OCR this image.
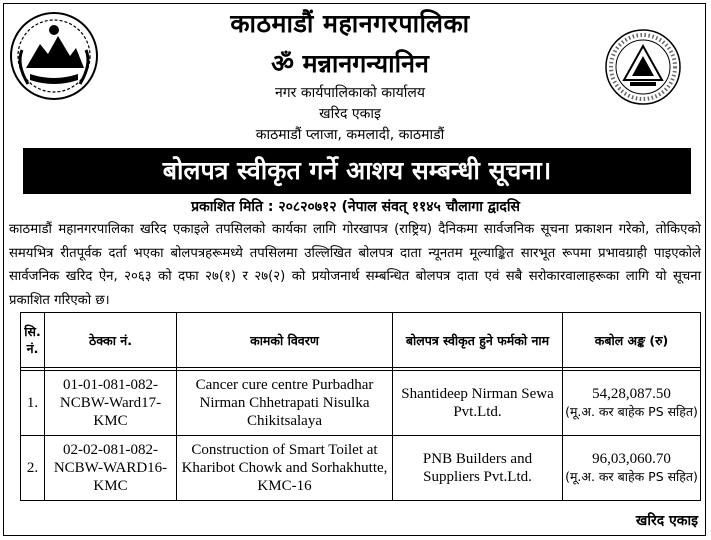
काठमाडौं महानगरपालिका
ॐ मन्नानगन्यानिन
नगर कार्यपालिकाको कार्यालय
खरिद एकाइ
काठमाडौं प्लाजा, कमलादी, काठमाडौं
बोलपत्र स्वीकृत गर्ने आशय सम्बन्धी सूचना।
प्रकाशित मिति : २०८२०७१२ (नेपाल संवत् ११४५ चौलागा द्वादसि
काठमाडौं महानगरपालिका खरिद एकाइले तपसिलको कार्यका लागि गोरखापत्र (राष्ट्रिय) दैनिकमा सार्वजनिक सूचना प्रकाशन गरेको, तोकिएको समयभित्र रीतपूर्वक दर्ता भएका बोलपत्रहरूमध्ये तपसिलमा उल्लिखित बोलपत्र दाता न्यूनतम मूल्याङ्कित सारभूत रूपमा प्रभावग्राही पाइएकोले सार्वजनिक खरिद ऐन, २०६३ को दफा २७(१) र २७(२) को प्रयोजनार्थ सम्बन्धित बोलपत्र दाता एवं सबै सरोकारवालाहरूका लागि यो सूचना प्रकाशित गरिएको छ।
सि. नं.	ठेक्का नं.	कामको विवरण	बोलपत्र स्वीकृत हुने फर्मको नाम	कबोल अङ्क (रु)

1.	01-01-081-082-NCBW-Ward17-KMC	Cancer cure centre Purbadhar Nirman Chhetrapati Nisulka Chikitsalaya	Shantideep Nirman Sewa Pvt.Ltd.	54,28,087.50
(मू.अ. कर बाहेक PS सहित)

2.	02-02-081-082-NCBW-WARD16-KMC	Construction of Smart Toilet at Kharibot Chowk and Sorhakhutte, KMC-16	PNB Builders and Suppliers Pvt.Ltd.	96,03,060.70
(मू.अ. कर बाहेक PS सहित)
खरिद एकाइ
